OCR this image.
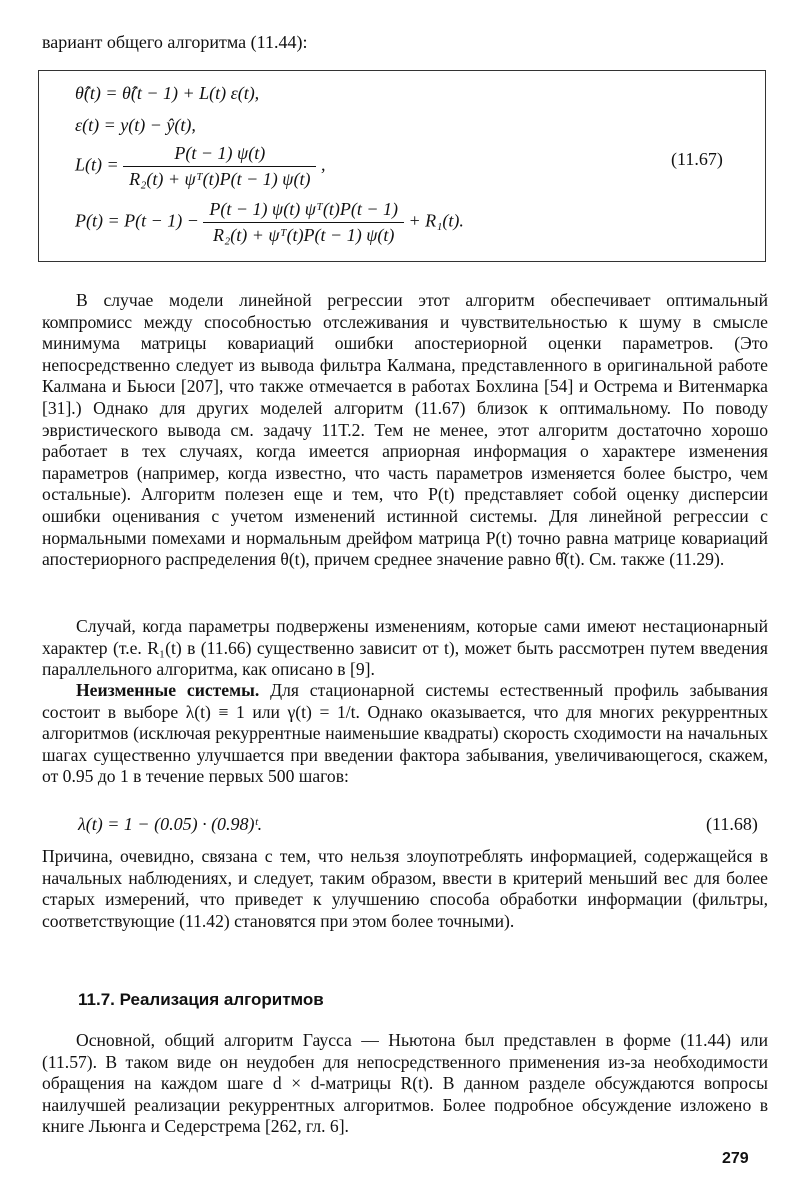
вариант общего алгоритма (11.44):
θ̂(t) = θ̂(t − 1) + L(t) ε(t),
ε(t) = y(t) − ŷ(t),
$L(t) = \frac{P(t - 1) \psi(t)}{\text{R₂(t) + ψᵀ(t)P(t − 1) ψ(t)}}$ ,	(11.67)
$P(t) = P(t - 1) - \frac{\text{P(t − 1) ψ(t) ψᵀ(t)P(t − 1)}}{\text{R₂(t) + ψᵀ(t)P(t − 1) ψ(t)}} + R_1(t)$.

В случае модели линейной регрессии этот алгоритм обеспечивает оптимальный компромисс между способностью отслеживания и чувствительностью к шуму в смысле минимума матрицы ковариаций ошибки апостериорной оценки параметров. (Это непосредственно следует из вывода фильтра Калмана, представленного в оригинальной работе Калмана и Бьюси [207], что также отмечается в работах Бохлина [54] и Острема и Витенмарка [31].) Однако для других моделей алгоритм (11.67) близок к оптимальному. По поводу эвристического вывода см. задачу 11Т.2. Тем не менее, этот алгоритм достаточно хорошо работает в тех случаях, когда имеется априорная информация о характере изменения параметров (например, когда известно, что часть параметров изменяется более быстро, чем остальные). Алгоритм полезен еще и тем, что P(t) представляет собой оценку дисперсии ошибки оценивания с учетом изменений истинной системы. Для линейной регрессии с нормальными помехами и нормальным дрейфом матрица P(t) точно равна матрице ковариаций апостериорного распределения θ(t), причем среднее значение равно θ̂(t). См. также (11.29).

Случай, когда параметры подвержены изменениям, которые сами имеют нестационарный характер (т.е. R₁(t) в (11.66) существенно зависит от t), может быть рассмотрен путем введения параллельного алгоритма, как описано в [9].

Неизменные системы. Для стационарной системы естественный профиль забывания состоит в выборе λ(t) ≡ 1 или γ(t) = 1/t. Однако оказывается, что для многих рекуррентных алгоритмов (исключая рекуррентные наименьшие квадраты) скорость сходимости на начальных шагах существенно улучшается при введении фактора забывания, увеличивающегося, скажем, от 0.95 до 1 в течение первых 500 шагов:

λ(t) = 1 − (0.05) · (0.98)ᵗ.	(11.68)

Причина, очевидно, связана с тем, что нельзя злоупотреблять информацией, содержащейся в начальных наблюдениях, и следует, таким образом, ввести в критерий меньший вес для более старых измерений, что приведет к улучшению способа обработки информации (фильтры, соответствующие (11.42) становятся при этом более точными).

11.7. Реализация алгоритмов

Основной, общий алгоритм Гаусса — Ньютона был представлен в форме (11.44) или (11.57). В таком виде он неудобен для непосредственного применения из-за необходимости обращения на каждом шаге d × d-матрицы R(t). В данном разделе обсуждаются вопросы наилучшей реализации рекуррентных алгоритмов. Более подробное обсуждение изложено в книге Льюнга и Седерстрема [262, гл. 6].

279
